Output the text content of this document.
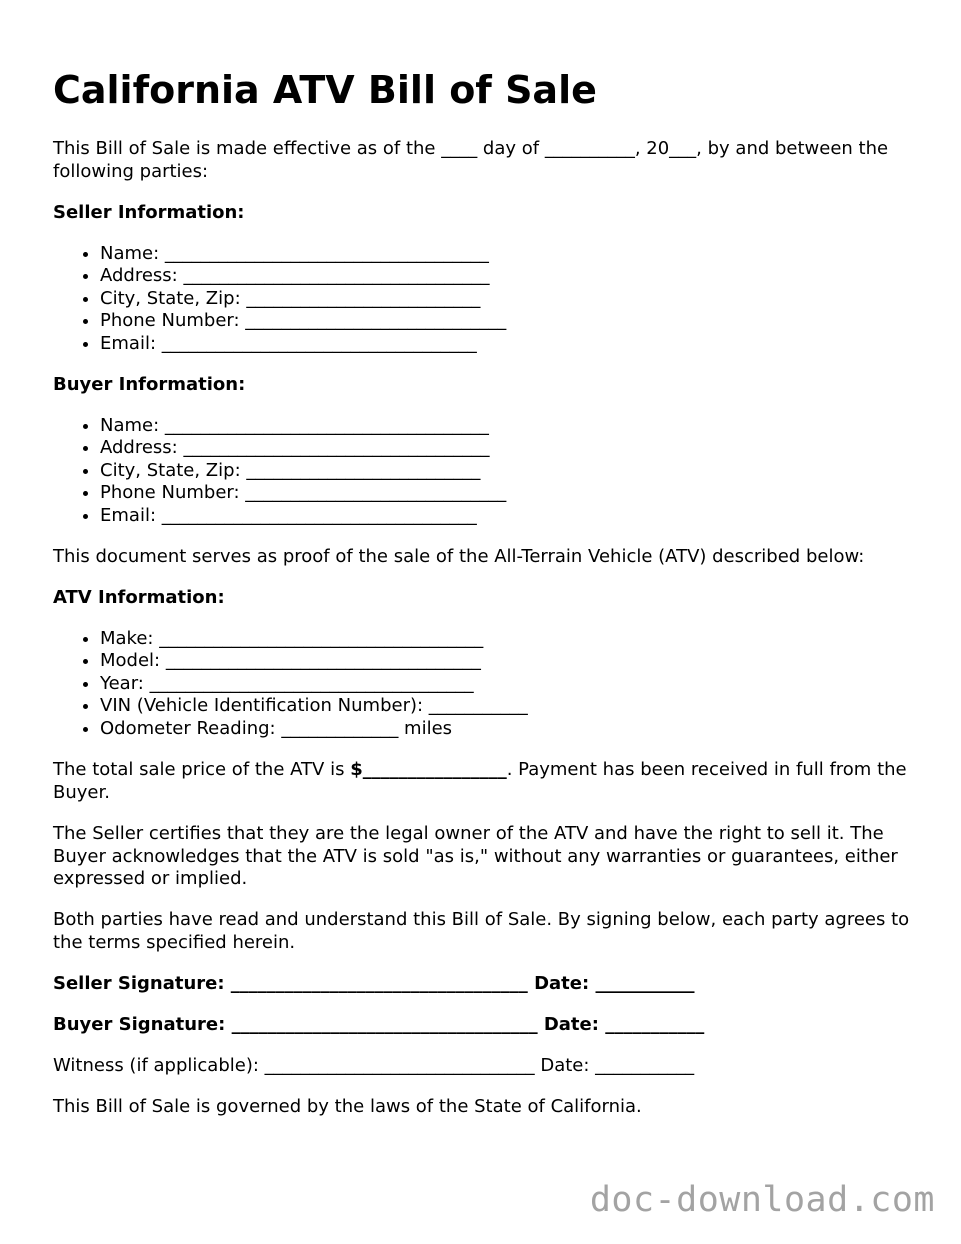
California ATV Bill of Sale

This Bill of Sale is made effective as of the ____ day of __________, 20___, by and between the following parties:

Seller Information:
• Name: ____________________________________
• Address: __________________________________
• City, State, Zip: __________________________
• Phone Number: _____________________________
• Email: ___________________________________
Buyer Information:
• Name: ____________________________________
• Address: __________________________________
• City, State, Zip: __________________________
• Phone Number: _____________________________
• Email: ___________________________________

This document serves as proof of the sale of the All-Terrain Vehicle (ATV) described below:

ATV Information:
• Make: ____________________________________
• Model: ___________________________________
• Year: ____________________________________
• VIN (Vehicle Identification Number): ___________
• Odometer Reading: _____________ miles

The total sale price of the ATV is $________________. Payment has been received in full from the Buyer.

The Seller certifies that they are the legal owner of the ATV and have the right to sell it. The Buyer acknowledges that the ATV is sold "as is," without any warranties or guarantees, either expressed or implied.

Both parties have read and understand this Bill of Sale. By signing below, each party agrees to the terms specified herein.

Seller Signature: _________________________________ Date: ___________
Buyer Signature: __________________________________ Date: ___________
Witness (if applicable): ______________________________ Date: ___________

This Bill of Sale is governed by the laws of the State of California.

doc-download.com
